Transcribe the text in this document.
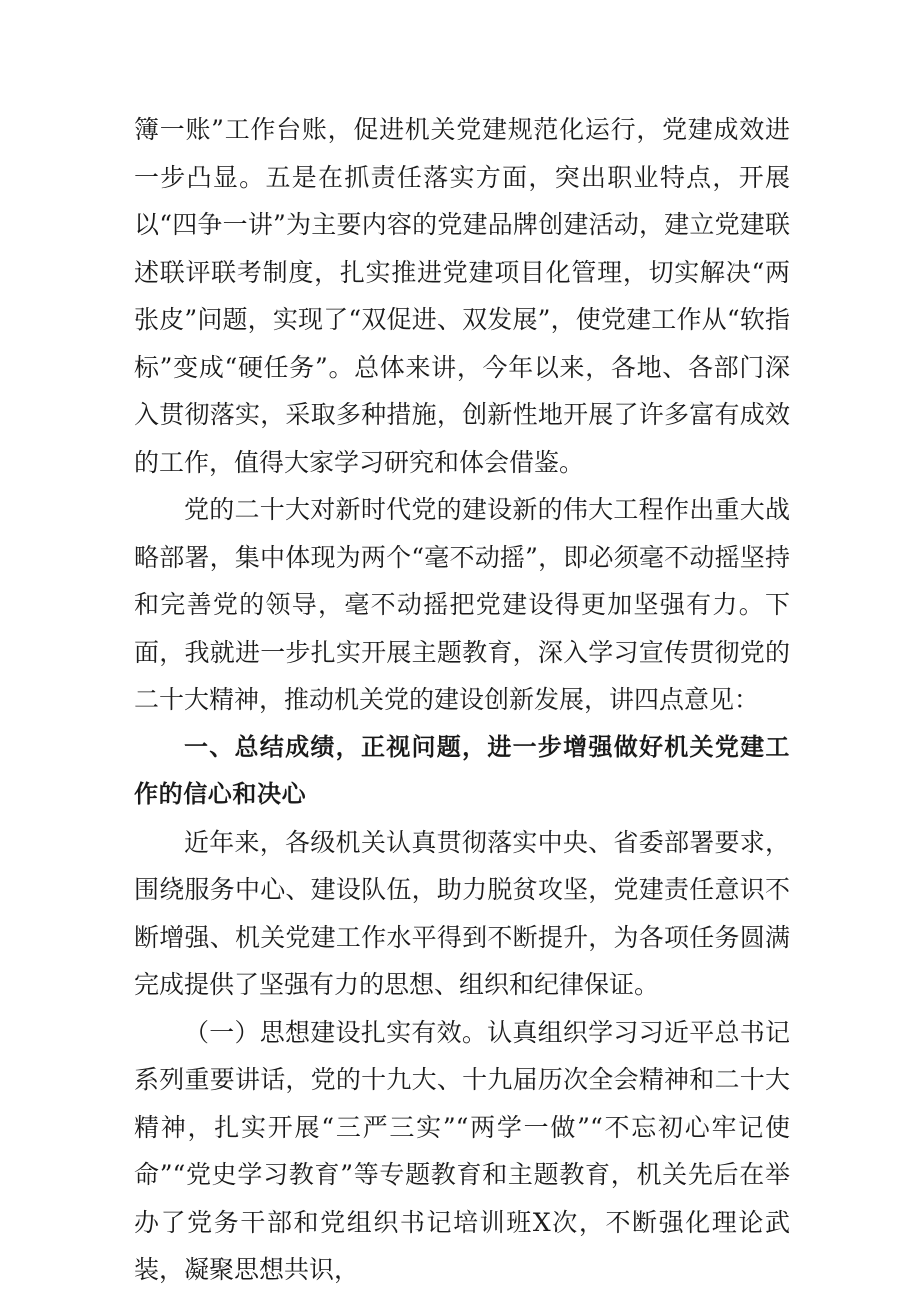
簿一账”工作台账，促进机关党建规范化运行，党建成效进一步凸显。五是在抓责任落实方面，突出职业特点，开展以“四争一讲”为主要内容的党建品牌创建活动，建立党建联述联评联考制度，扎实推进党建项目化管理，切实解决“两张皮”问题，实现了“双促进、双发展”，使党建工作从“软指标”变成“硬任务”。总体来讲，今年以来，各地、各部门深入贯彻落实，采取多种措施，创新性地开展了许多富有成效的工作，值得大家学习研究和体会借鉴。

党的二十大对新时代党的建设新的伟大工程作出重大战略部署，集中体现为两个“毫不动摇”，即必须毫不动摇坚持和完善党的领导，毫不动摇把党建设得更加坚强有力。下面，我就进一步扎实开展主题教育，深入学习宣传贯彻党的二十大精神，推动机关党的建设创新发展，讲四点意见：

一、总结成绩，正视问题，进一步增强做好机关党建工作的信心和决心

近年来，各级机关认真贯彻落实中央、省委部署要求，围绕服务中心、建设队伍，助力脱贫攻坚，党建责任意识不断增强、机关党建工作水平得到不断提升，为各项任务圆满完成提供了坚强有力的思想、组织和纪律保证。

（一）思想建设扎实有效。认真组织学习习近平总书记系列重要讲话，党的十九大、十九届历次全会精神和二十大精神，扎实开展“三严三实”“两学一做”“不忘初心牢记使命”“党史学习教育”等专题教育和主题教育，机关先后在举办了党务干部和党组织书记培训班X次，不断强化理论武装，凝聚思想共识，
